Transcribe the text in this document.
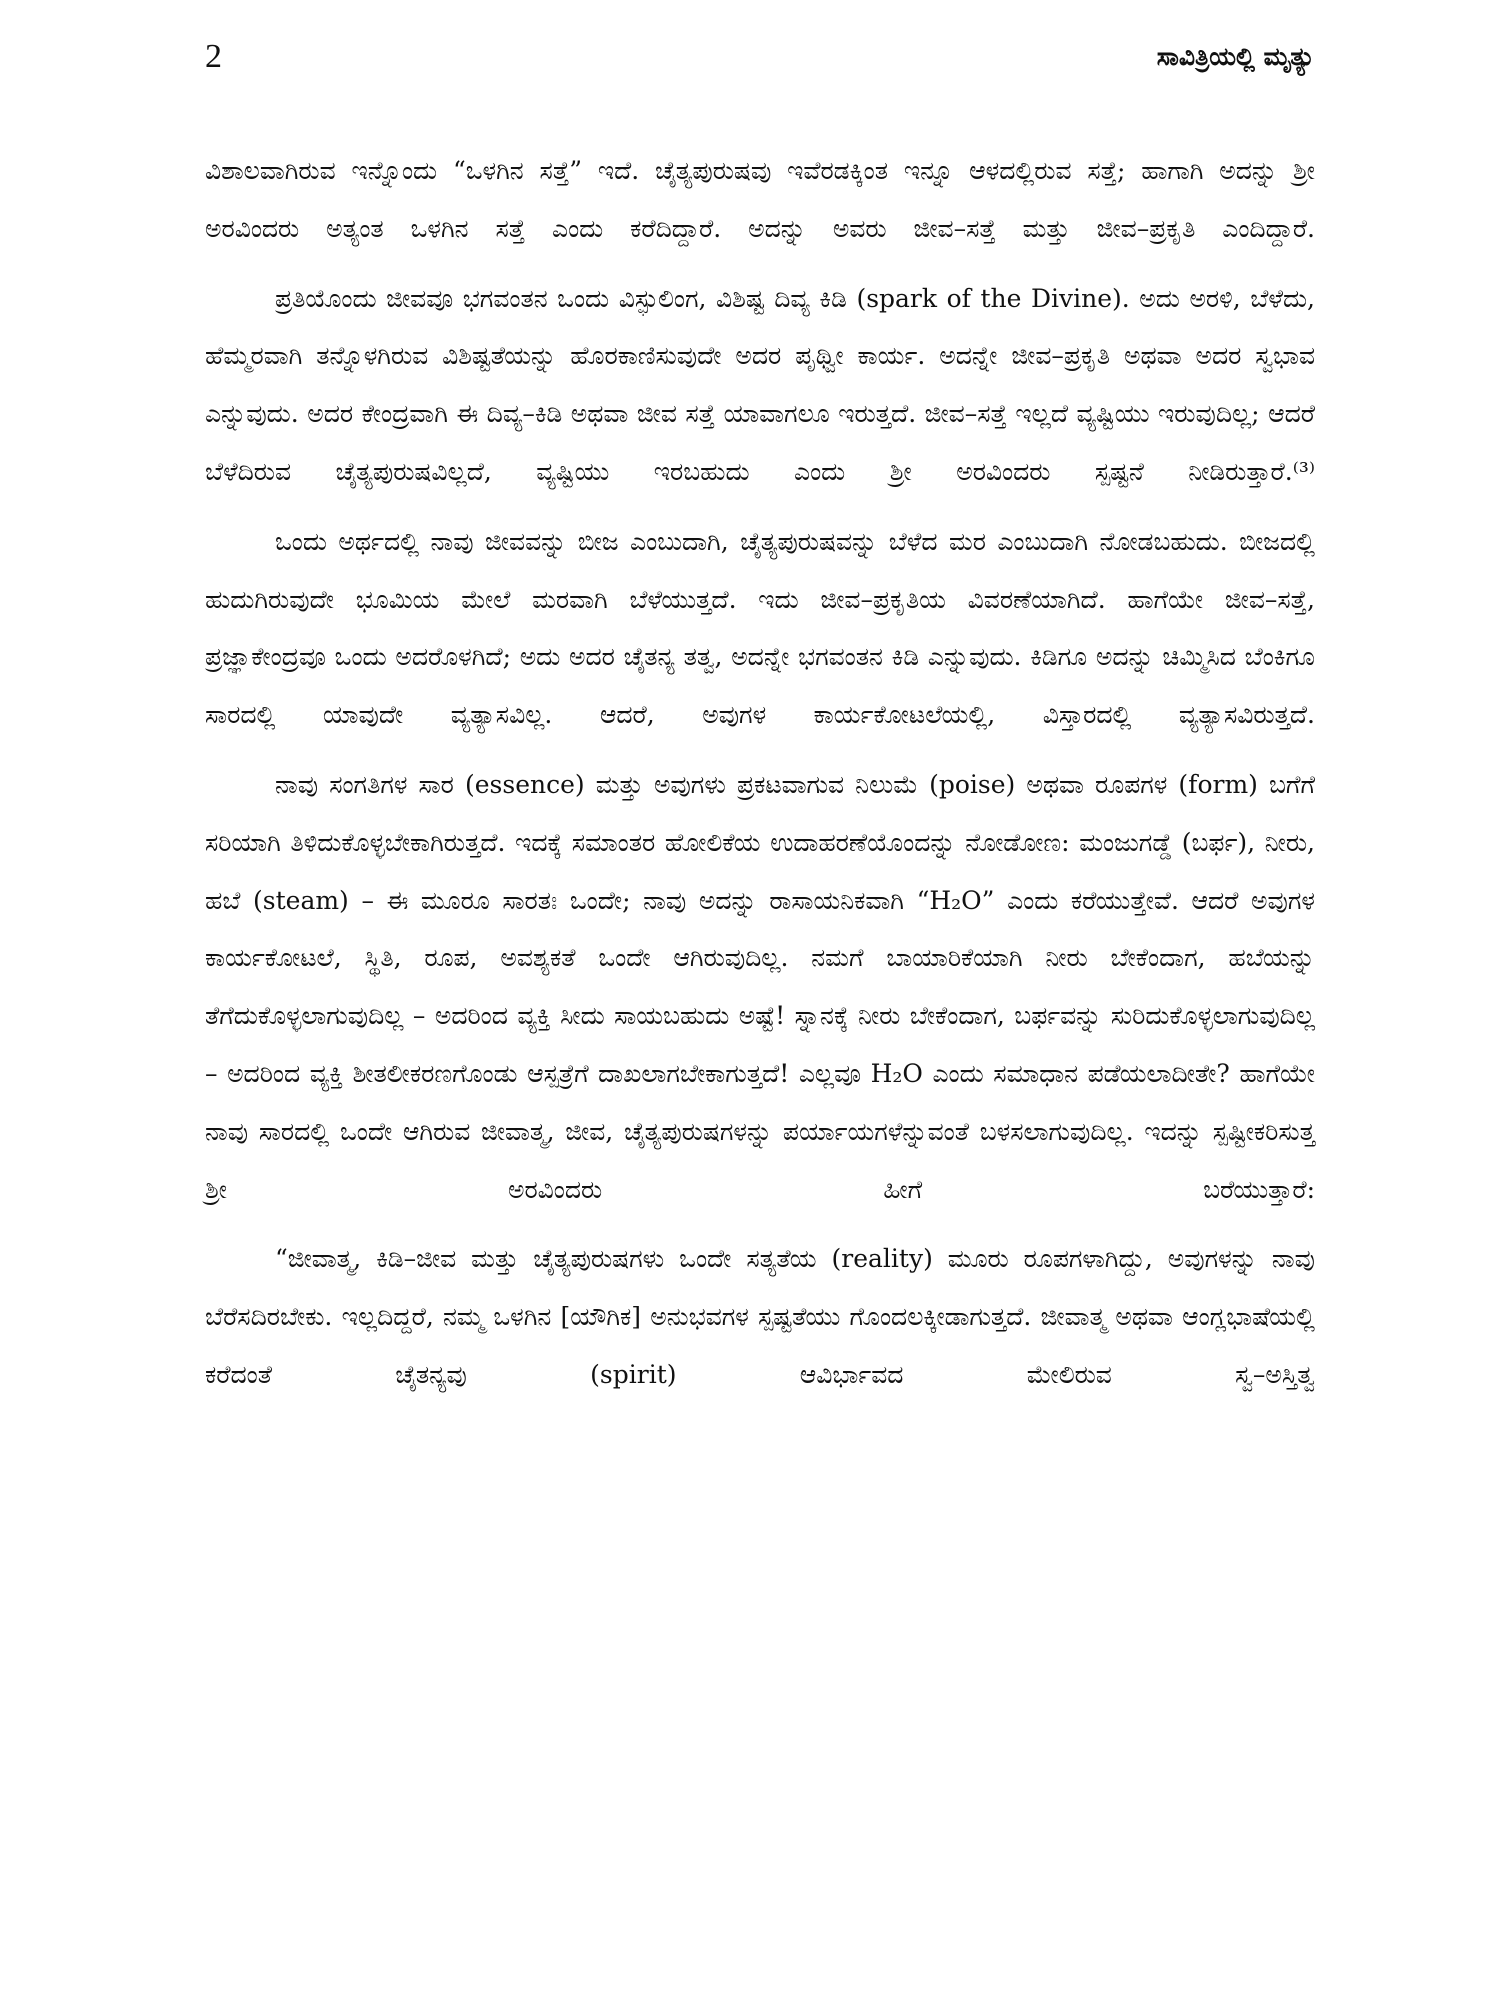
2	ಸಾವಿತ್ರಿಯಲ್ಲಿ ಮೃತ್ಯು

ವಿಶಾಲವಾಗಿರುವ ಇನ್ನೊಂದು “ಒಳಗಿನ ಸತ್ತೆ” ಇದೆ. ಚೈತ್ಯಪುರುಷವು ಇವೆರಡಕ್ಕಿಂತ ಇನ್ನೂ ಆಳದಲ್ಲಿರುವ ಸತ್ತೆ; ಹಾಗಾಗಿ ಅದನ್ನು ಶ್ರೀ ಅರವಿಂದರು ಅತ್ಯಂತ ಒಳಗಿನ ಸತ್ತೆ ಎಂದು ಕರೆದಿದ್ದಾರೆ. ಅದನ್ನು ಅವರು ಜೀವ–ಸತ್ತೆ ಮತ್ತು ಜೀವ–ಪ್ರಕೃತಿ ಎಂದಿದ್ದಾರೆ.

ಪ್ರತಿಯೊಂದು ಜೀವವೂ ಭಗವಂತನ ಒಂದು ವಿಸ್ಫುಲಿಂಗ, ವಿಶಿಷ್ಟ ದಿವ್ಯ ಕಿಡಿ (spark of the Divine). ಅದು ಅರಳಿ, ಬೆಳೆದು, ಹೆಮ್ಮರವಾಗಿ ತನ್ನೊಳಗಿರುವ ವಿಶಿಷ್ಟತೆಯನ್ನು ಹೊರಕಾಣಿಸುವುದೇ ಅದರ ಪೃಥ್ವೀ ಕಾರ್ಯ. ಅದನ್ನೇ ಜೀವ–ಪ್ರಕೃತಿ ಅಥವಾ ಅದರ ಸ್ವಭಾವ ಎನ್ನುವುದು. ಅದರ ಕೇಂದ್ರವಾಗಿ ಈ ದಿವ್ಯ–ಕಿಡಿ ಅಥವಾ ಜೀವ ಸತ್ತೆ ಯಾವಾಗಲೂ ಇರುತ್ತದೆ. ಜೀವ–ಸತ್ತೆ ಇಲ್ಲದೆ ವ್ಯಷ್ಟಿಯು ಇರುವುದಿಲ್ಲ; ಆದರೆ ಬೆಳೆದಿರುವ ಚೈತ್ಯಪುರುಷವಿಲ್ಲದೆ, ವ್ಯಷ್ಟಿಯು ಇರಬಹುದು ಎಂದು ಶ್ರೀ ಅರವಿಂದರು ಸ್ಪಷ್ಟನೆ ನೀಡಿರುತ್ತಾರೆ.⁽³⁾

ಒಂದು ಅರ್ಥದಲ್ಲಿ ನಾವು ಜೀವವನ್ನು ಬೀಜ ಎಂಬುದಾಗಿ, ಚೈತ್ಯಪುರುಷವನ್ನು ಬೆಳೆದ ಮರ ಎಂಬುದಾಗಿ ನೋಡಬಹುದು. ಬೀಜದಲ್ಲಿ ಹುದುಗಿರುವುದೇ ಭೂಮಿಯ ಮೇಲೆ ಮರವಾಗಿ ಬೆಳೆಯುತ್ತದೆ. ಇದು ಜೀವ–ಪ್ರಕೃತಿಯ ವಿವರಣೆಯಾಗಿದೆ. ಹಾಗೆಯೇ ಜೀವ–ಸತ್ತೆ, ಪ್ರಜ್ಞಾಕೇಂದ್ರವೂ ಒಂದು ಅದರೊಳಗಿದೆ; ಅದು ಅದರ ಚೈತನ್ಯ ತತ್ವ, ಅದನ್ನೇ ಭಗವಂತನ ಕಿಡಿ ಎನ್ನುವುದು. ಕಿಡಿಗೂ ಅದನ್ನು ಚಿಮ್ಮಿಸಿದ ಬೆಂಕಿಗೂ ಸಾರದಲ್ಲಿ ಯಾವುದೇ ವ್ಯತ್ಯಾಸವಿಲ್ಲ. ಆದರೆ, ಅವುಗಳ ಕಾರ್ಯಕೋಟಲೆಯಲ್ಲಿ, ವಿಸ್ತಾರದಲ್ಲಿ ವ್ಯತ್ಯಾಸವಿರುತ್ತದೆ.

ನಾವು ಸಂಗತಿಗಳ ಸಾರ (essence) ಮತ್ತು ಅವುಗಳು ಪ್ರಕಟವಾಗುವ ನಿಲುಮೆ (poise) ಅಥವಾ ರೂಪಗಳ (form) ಬಗೆಗೆ ಸರಿಯಾಗಿ ತಿಳಿದುಕೊಳ್ಳಬೇಕಾಗಿರುತ್ತದೆ. ಇದಕ್ಕೆ ಸಮಾಂತರ ಹೋಲಿಕೆಯ ಉದಾಹರಣೆಯೊಂದನ್ನು ನೋಡೋಣ: ಮಂಜುಗಡ್ಡೆ (ಬರ್ಫ), ನೀರು, ಹಬೆ (steam) – ಈ ಮೂರೂ ಸಾರತಃ ಒಂದೇ; ನಾವು ಅದನ್ನು ರಾಸಾಯನಿಕವಾಗಿ “H₂O” ಎಂದು ಕರೆಯುತ್ತೇವೆ. ಆದರೆ ಅವುಗಳ ಕಾರ್ಯಕೋಟಲೆ, ಸ್ಥಿತಿ, ರೂಪ, ಅವಶ್ಯಕತೆ ಒಂದೇ ಆಗಿರುವುದಿಲ್ಲ. ನಮಗೆ ಬಾಯಾರಿಕೆಯಾಗಿ ನೀರು ಬೇಕೆಂದಾಗ, ಹಬೆಯನ್ನು ತೆಗೆದುಕೊಳ್ಳಲಾಗುವುದಿಲ್ಲ – ಅದರಿಂದ ವ್ಯಕ್ತಿ ಸೀದು ಸಾಯಬಹುದು ಅಷ್ಟೆ! ಸ್ನಾನಕ್ಕೆ ನೀರು ಬೇಕೆಂದಾಗ, ಬರ್ಫವನ್ನು ಸುರಿದುಕೊಳ್ಳಲಾಗುವುದಿಲ್ಲ – ಅದರಿಂದ ವ್ಯಕ್ತಿ ಶೀತಲೀಕರಣಗೊಂಡು ಆಸ್ಪತ್ರೆಗೆ ದಾಖಲಾಗಬೇಕಾಗುತ್ತದೆ! ಎಲ್ಲವೂ H₂O ಎಂದು ಸಮಾಧಾನ ಪಡೆಯಲಾದೀತೇ? ಹಾಗೆಯೇ ನಾವು ಸಾರದಲ್ಲಿ ಒಂದೇ ಆಗಿರುವ ಜೀವಾತ್ಮ, ಜೀವ, ಚೈತ್ಯಪುರುಷಗಳನ್ನು ಪರ್ಯಾಯಗಳೆನ್ನುವಂತೆ ಬಳಸಲಾಗುವುದಿಲ್ಲ. ಇದನ್ನು ಸ್ಪಷ್ಟೀಕರಿಸುತ್ತ ಶ್ರೀ ಅರವಿಂದರು ಹೀಗೆ ಬರೆಯುತ್ತಾರೆ:

“ಜೀವಾತ್ಮ, ಕಿಡಿ–ಜೀವ ಮತ್ತು ಚೈತ್ಯಪುರುಷಗಳು ಒಂದೇ ಸತ್ಯತೆಯ (reality) ಮೂರು ರೂಪಗಳಾಗಿದ್ದು, ಅವುಗಳನ್ನು ನಾವು ಬೆರೆಸದಿರಬೇಕು. ಇಲ್ಲದಿದ್ದರೆ, ನಮ್ಮ ಒಳಗಿನ [ಯೌಗಿಕ] ಅನುಭವಗಳ ಸ್ಪಷ್ಟತೆಯು ಗೊಂದಲಕ್ಕೀಡಾಗುತ್ತದೆ. ಜೀವಾತ್ಮ ಅಥವಾ ಆಂಗ್ಲಭಾಷೆಯಲ್ಲಿ ಕರೆದಂತೆ ಚೈತನ್ಯವು (spirit) ಆವಿರ್ಭಾವದ ಮೇಲಿರುವ ಸ್ವ–ಅಸ್ತಿತ್ವ
